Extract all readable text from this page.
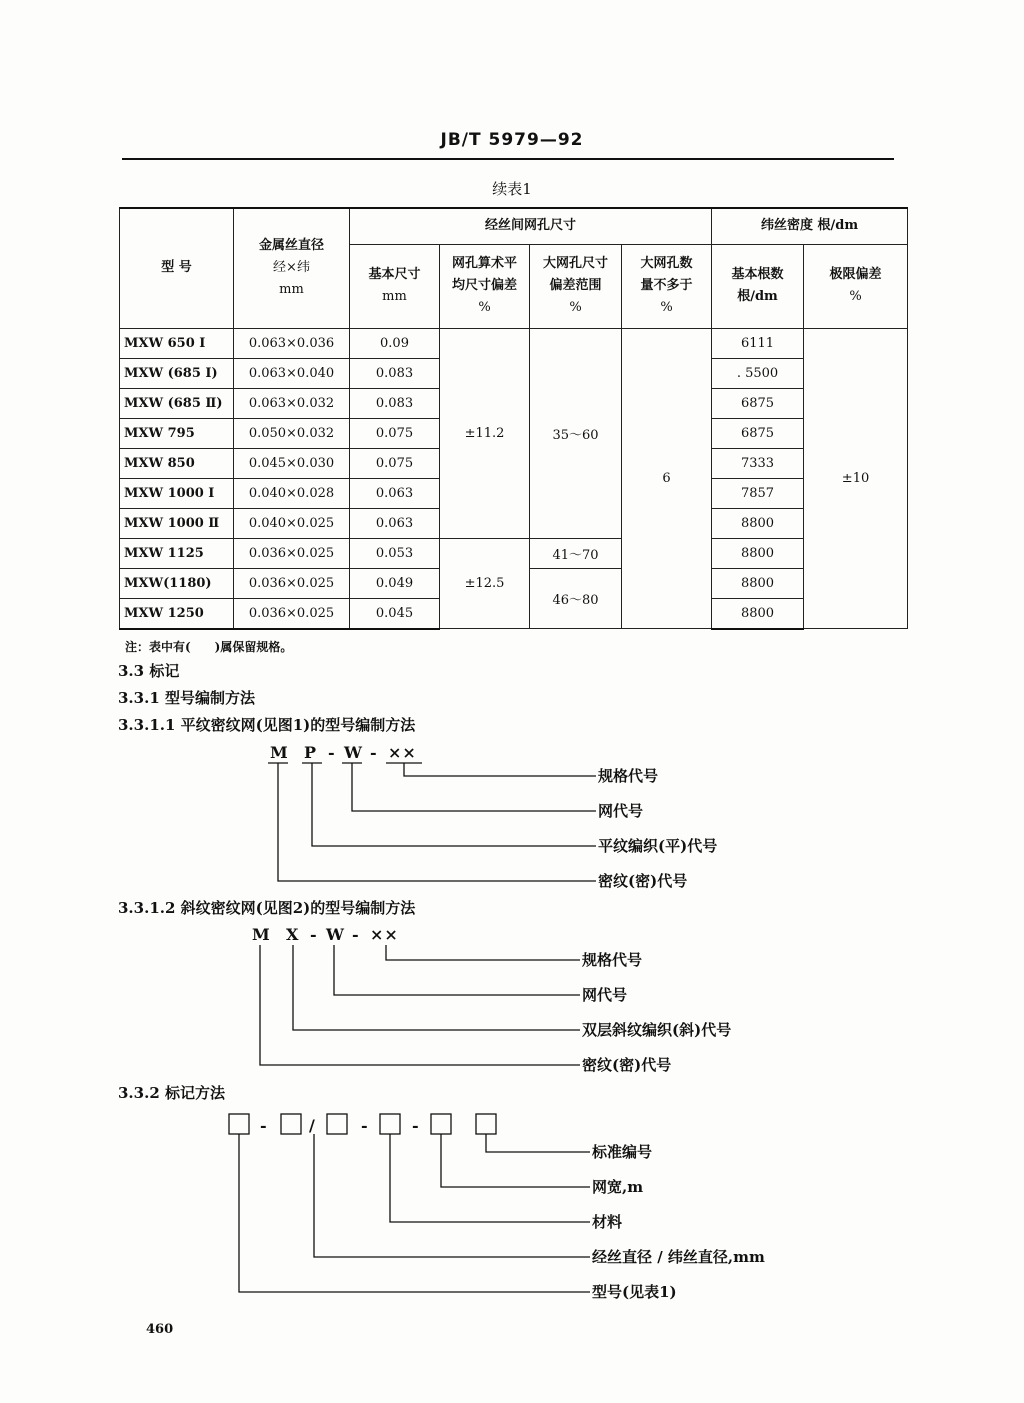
JB/T 5979—92
续表1
型 号	金属丝直径
经×纬
mm	经丝间网孔尺寸				纬丝密度 根/dm	

		基本尺寸
mm	网孔算术平
均尺寸偏差
%	大网孔尺寸
偏差范围
%	大网孔数
量不多于
%	基本根数
根/dm	极限偏差
%

MXW 650 Ⅰ	0.063×0.036	0.09	±11.2	35～60	6	6111	±10
MXW (685 Ⅰ)	0.063×0.040	0.083				. 5500	
MXW (685 Ⅱ)	0.063×0.032	0.083				6875	
MXW 795	0.050×0.032	0.075				6875	
MXW 850	0.045×0.030	0.075				7333	
MXW 1000 Ⅰ	0.040×0.028	0.063				7857	
MXW 1000 Ⅱ	0.040×0.025	0.063				8800	
MXW 1125	0.036×0.025	0.053	±12.5	41～70		8800	
MXW(1180)	0.036×0.025	0.049		46～80		8800	
MXW 1250	0.036×0.025	0.045				8800	
注：表中有(　　)属保留规格。
3.3 标记
3.3.1 型号编制方法
3.3.1.1 平纹密纹网(见图1)的型号编制方法
3.3.1.2 斜纹密纹网(见图2)的型号编制方法
3.3.2 标记方法
M P - W - ××
规格代号
网代号
平纹编织(平)代号
密纹(密)代号
M X - W - ××
规格代号
网代号
双层斜纹编织(斜)代号
密纹(密)代号
-	/	-	-
标准编号
网宽,m
材料
经丝直径 / 纬丝直径,mm
型号(见表1)
460
